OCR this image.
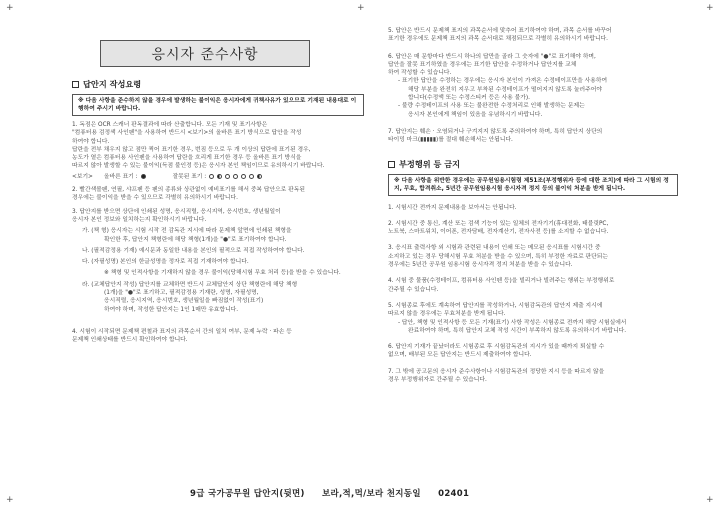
+	+	+
+	+
응시자 준수사항
답안지 작성요령
※ 다음 사항을 준수하지 않을 경우에 발생하는 불이익은 응시자에게 귀책사유가 있으므로 기재된 내용대로 이행하여 주시기 바랍니다.

1. 독점은 OCR 스캐너 판독결과에 따라 산출합니다. 모든 기재 및 표기사항은

"컴퓨터용 검정색 사인펜"을 사용하여 반드시 <보기>의 올바른 표기 방식으로 답안을 작성

하여야 합니다.

답란을 전부 채우지 않고 점만 찍어 표기한 경우, 번짐 등으로 두 개 이상의 답란에 표기된 경우,

농도가 옅은 컴퓨터용 사인펜을 사용하여 답란을 흐리게 표기한 경우 등 올바른 표기 방식을

따르지 않아 발생할 수 있는 불이익(득점 불인정 등)은 응시자 본인 책임이므로 유의하시기 바랍니다.

<보기> 올바른 표기 :	잘못된 표기 :

2. 빨간색볼펜, 연필, 샤프펜 등 펜의 종류와 상관없이 예비표기를 해서 중복 답안으로 판독된

경우에는 불이익을 받을 수 있으므로 각별히 유의하시기 바랍니다.

3. 답안지를 받으면 상단에 인쇄된 성명, 응시직렬, 응시지역, 응시번호, 생년월일이

응시자 본인 정보와 일치하는지 확인하시기 바랍니다.

가. (책 형) 응시자는 시험 시작 전 감독관 지시에 따라 문제책 앞면에 인쇄된 책형을

확인한 후, 답안지 책형란에 해당 책형(1개)을 "●"로 표기하여야 합니다.

나. (필적감정용 기재) 예시문과 동일한 내용을 본인의 필적으로 직접 작성하여야 합니다.

다. (자필성명) 본인의 한글성명을 정자로 직접 기재하여야 합니다.

※ 책형 및 인적사항을 기재하지 않을 경우 불이익(당해시험 무효 처리 등)을 받을 수 있습니다.

라. (교체답안지 작성) 답안지를 교체하면 반드시 교체답안지 상단 책형란에 해당 책형

(1개)을 "●"로 표기하고, 필적감정용 기재란, 성명, 자필성명,

응시직렬, 응시지역, 응시번호, 생년월일을 빠짐없이 작성(표기)

하여야 하며, 작성한 답안지는 1인 1매만 유효합니다.

4. 시험이 시작되면 문제책 편철과 표지의 과목순서 간의 일치 여부, 문제 누락 · 파손 등

문제책 인쇄상태를 반드시 확인하여야 합니다.

5. 답안은 반드시 문제책 표지의 과목순서에 맞추어 표기하여야 하며, 과목 순서를 바꾸어

표기한 경우에도 문제책 표지의 과목 순서대로 채점되므로 각별히 유의하시기 바랍니다.

6. 답안은 매 문항마다 반드시 하나의 답만을 골라 그 숫자에 "●"로 표기해야 하며,

답안을 잘못 표기하였을 경우에는 표기한 답안을 수정하거나 답안지를 교체

하여 작성할 수 있습니다.

- 표기한 답안을 수정하는 경우에는 응시자 본인이 가져온 수정테이프만을 사용하여

해당 부분을 완전히 지우고 부착된 수정테이프가 떨어지지 않도록 눌러주어야

합니다(수정액 또는 수정스티커 등은 사용 불가).

- 불량 수정테이프의 사용 또는 불완전한 수정처리로 인해 발생하는 문제는

응시자 본인에게 책임이 있음을 유념하시기 바랍니다.

7. 답안지는 훼손 · 오염되거나 구겨지지 않도록 주의하여야 하며, 특히 답안지 상단의

타이밍 마크(▮▮▮▮▮)를 절대 훼손해서는 안됩니다.

부정행위 등 금지
※ 다음 사항을 위반한 경우에는 공무원임용시험령 제51조(부정행위자 등에 대한 조치)에 따라 그 시험의 정지, 무효, 합격취소, 5년간 공무원임용시험 응시자격 정지 등의 불이익 처분을 받게 됩니다.
1. 시험시간 전까지 문제내용을 보아서는 안됩니다.

2. 시험시간 중 통신, 계산 또는 검색 기능이 있는 일체의 전자기기(휴대전화, 태블릿PC,

노트북, 스마트워치, 이어폰, 전자담배, 전자계산기, 전자사전 등)를 소지할 수 없습니다.

3. 응시표 출력사항 외 시험과 관련된 내용이 인쇄 또는 메모된 응시표를 시험시간 중

소지하고 있는 경우 당해시험 무효 처분을 받을 수 있으며, 특히 부정한 자료로 판단되는

경우에는 5년간 공무원 임용시험 응시자격 정지 처분을 받을 수 있습니다.

4. 시험 중 물품(수정테이프, 컴퓨터용 사인펜 등)을 빌리거나 빌려주는 행위는 부정행위로

간주될 수 있습니다.

5. 시험종료 후에도 계속하여 답안지를 작성하거나, 시험감독관의 답안지 제출 지시에

따르지 않을 경우에는 무효처분을 받게 됩니다.

- 답안, 책형 및 인적사항 등 모든 기재(표기) 사항 작성은 시험종료 전까지 해당 시험실에서

완료하여야 하며, 특히 답안지 교체 작성 시간이 부족하지 않도록 유의하시기 바랍니다.

6. 답안지 기재가 끝났더라도 시험종료 후 시험감독관의 지시가 있을 때까지 퇴실할 수

없으며, 배부된 모든 답안지는 반드시 제출하여야 합니다.

7. 그 밖에 공고문의 응시자 준수사항이나 시험감독관의 정당한 지시 등을 따르지 않을

경우 부정행위자로 간주될 수 있습니다.

9급 국가공무원 답안지(뒷면) 보라,적,먹/보라 천지동일 02401
